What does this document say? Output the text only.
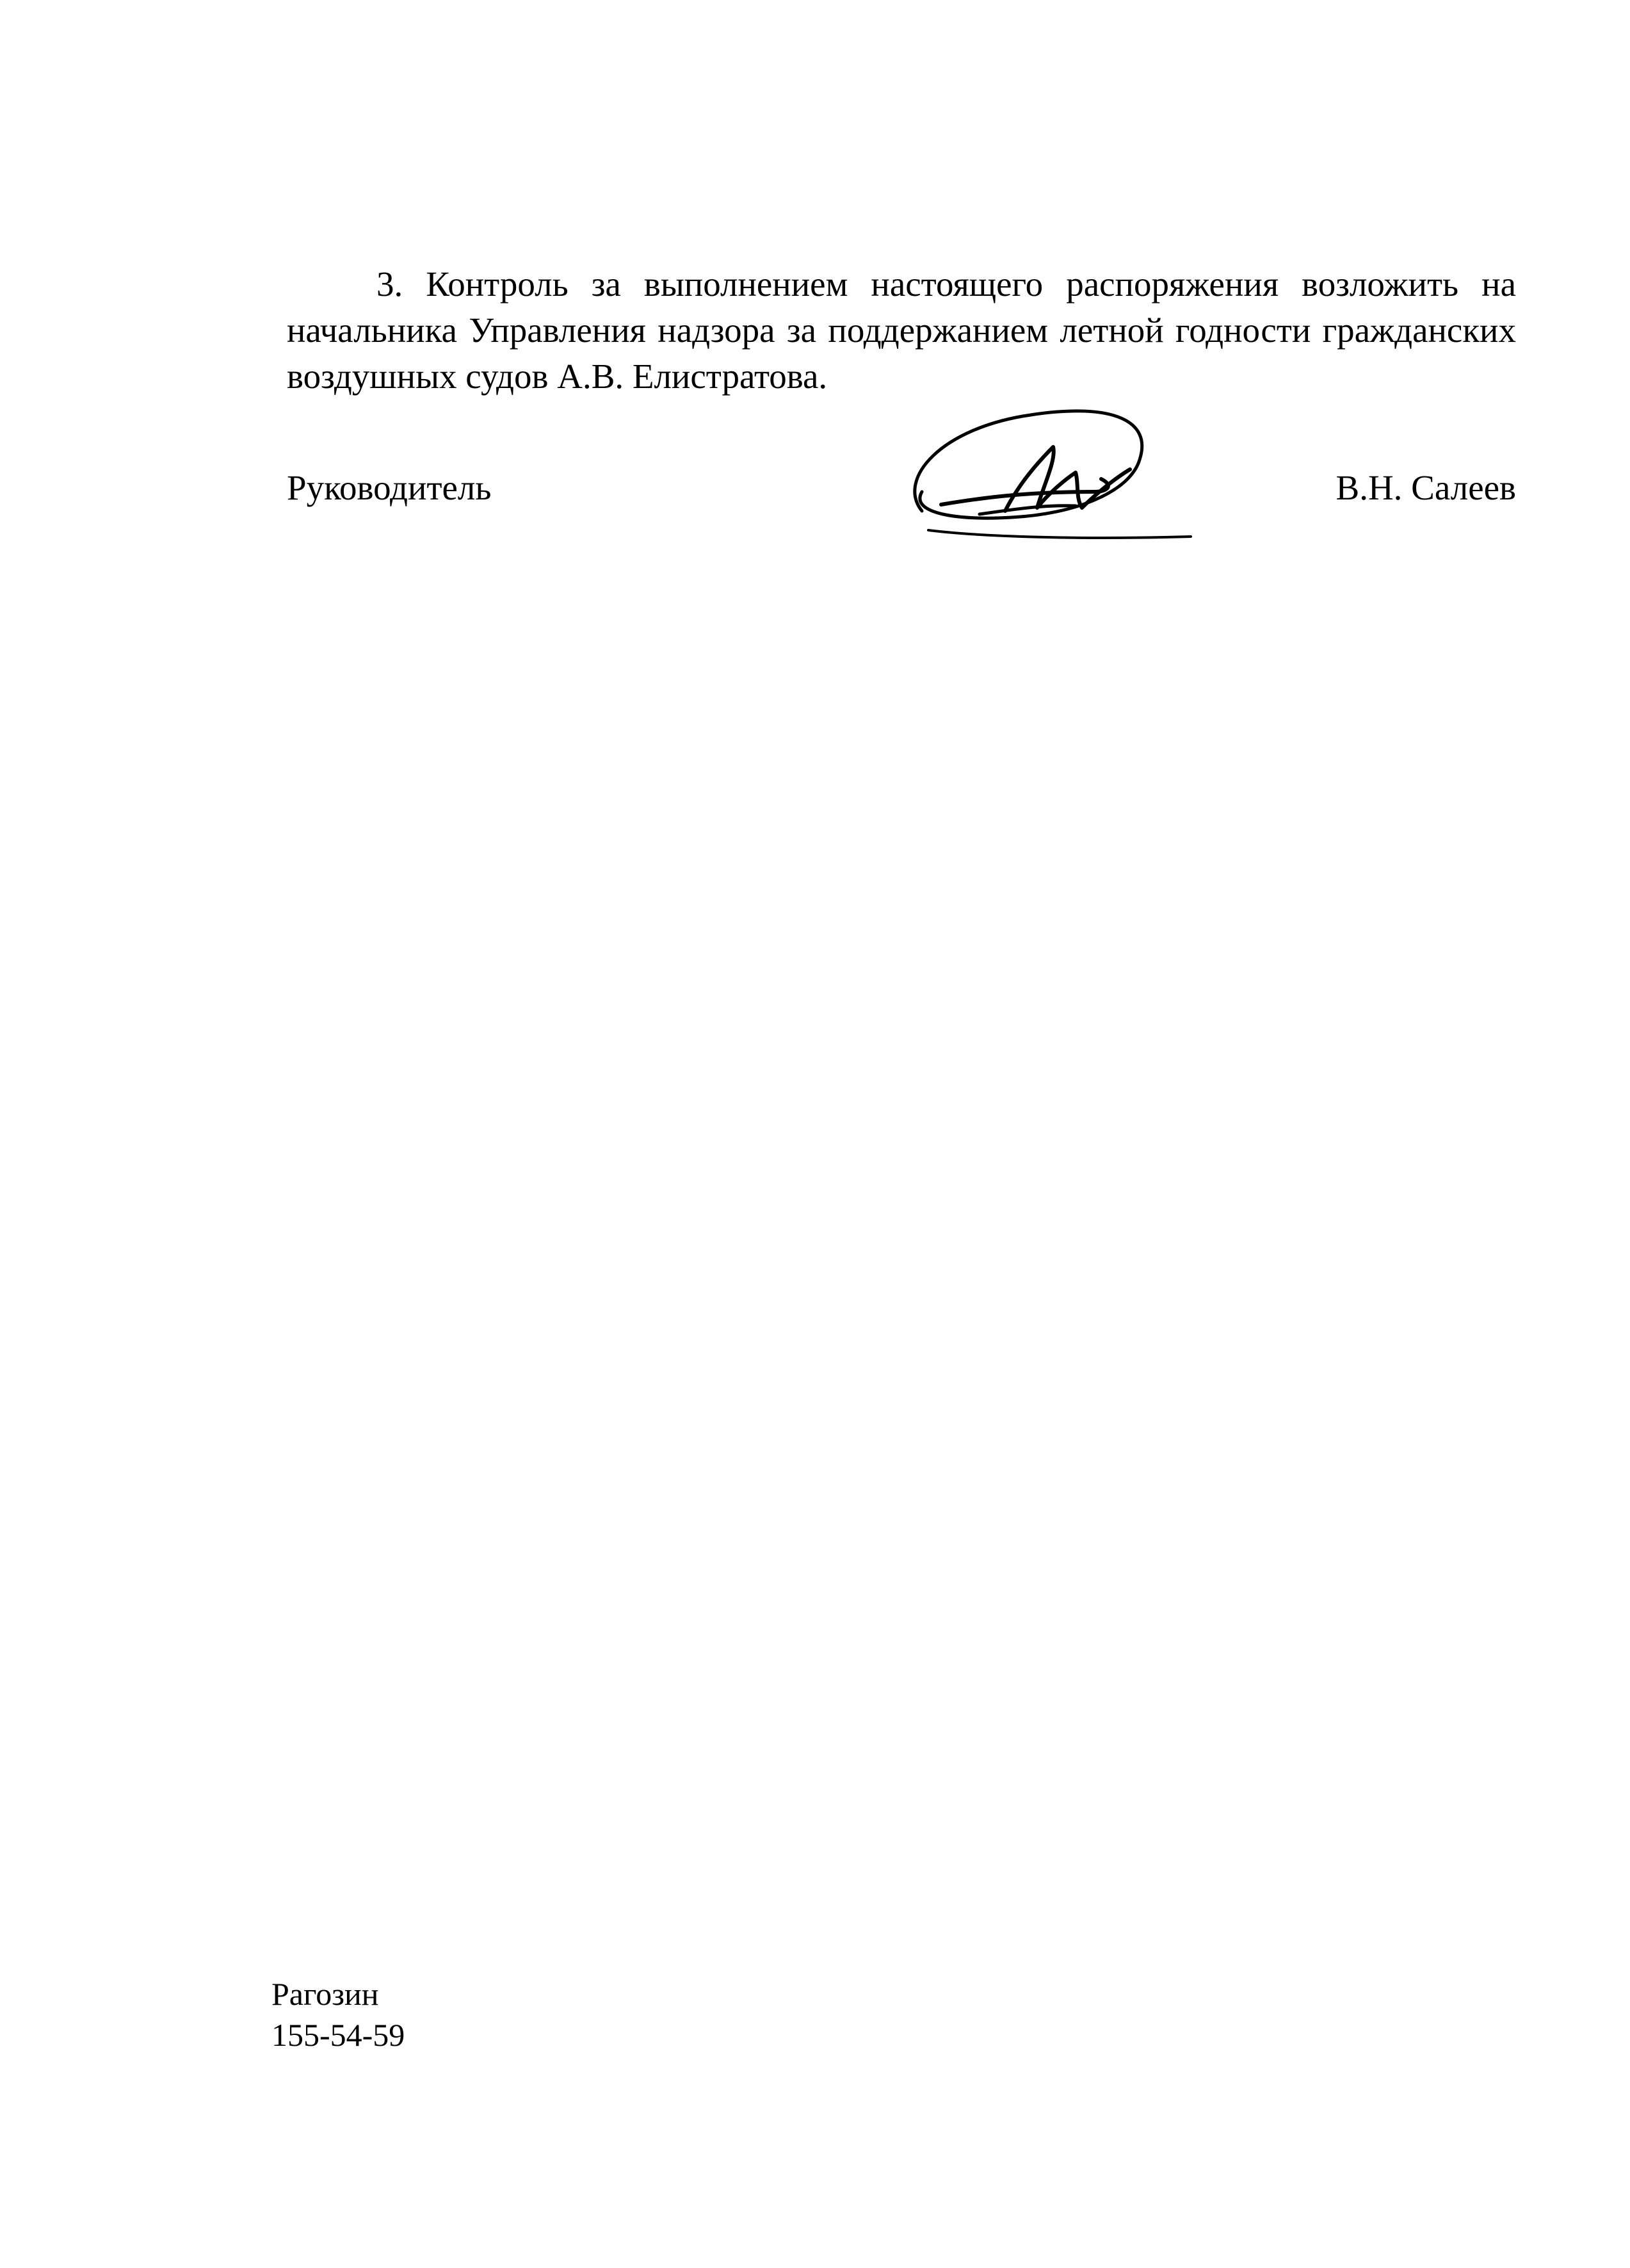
3. Контроль за выполнением настоящего распоряжения возложить на начальника Управления надзора за поддержанием летной годности гражданских воздушных судов А.В. Елистратова.

Руководитель	В.Н. Салеев
Рагозин
155-54-59
